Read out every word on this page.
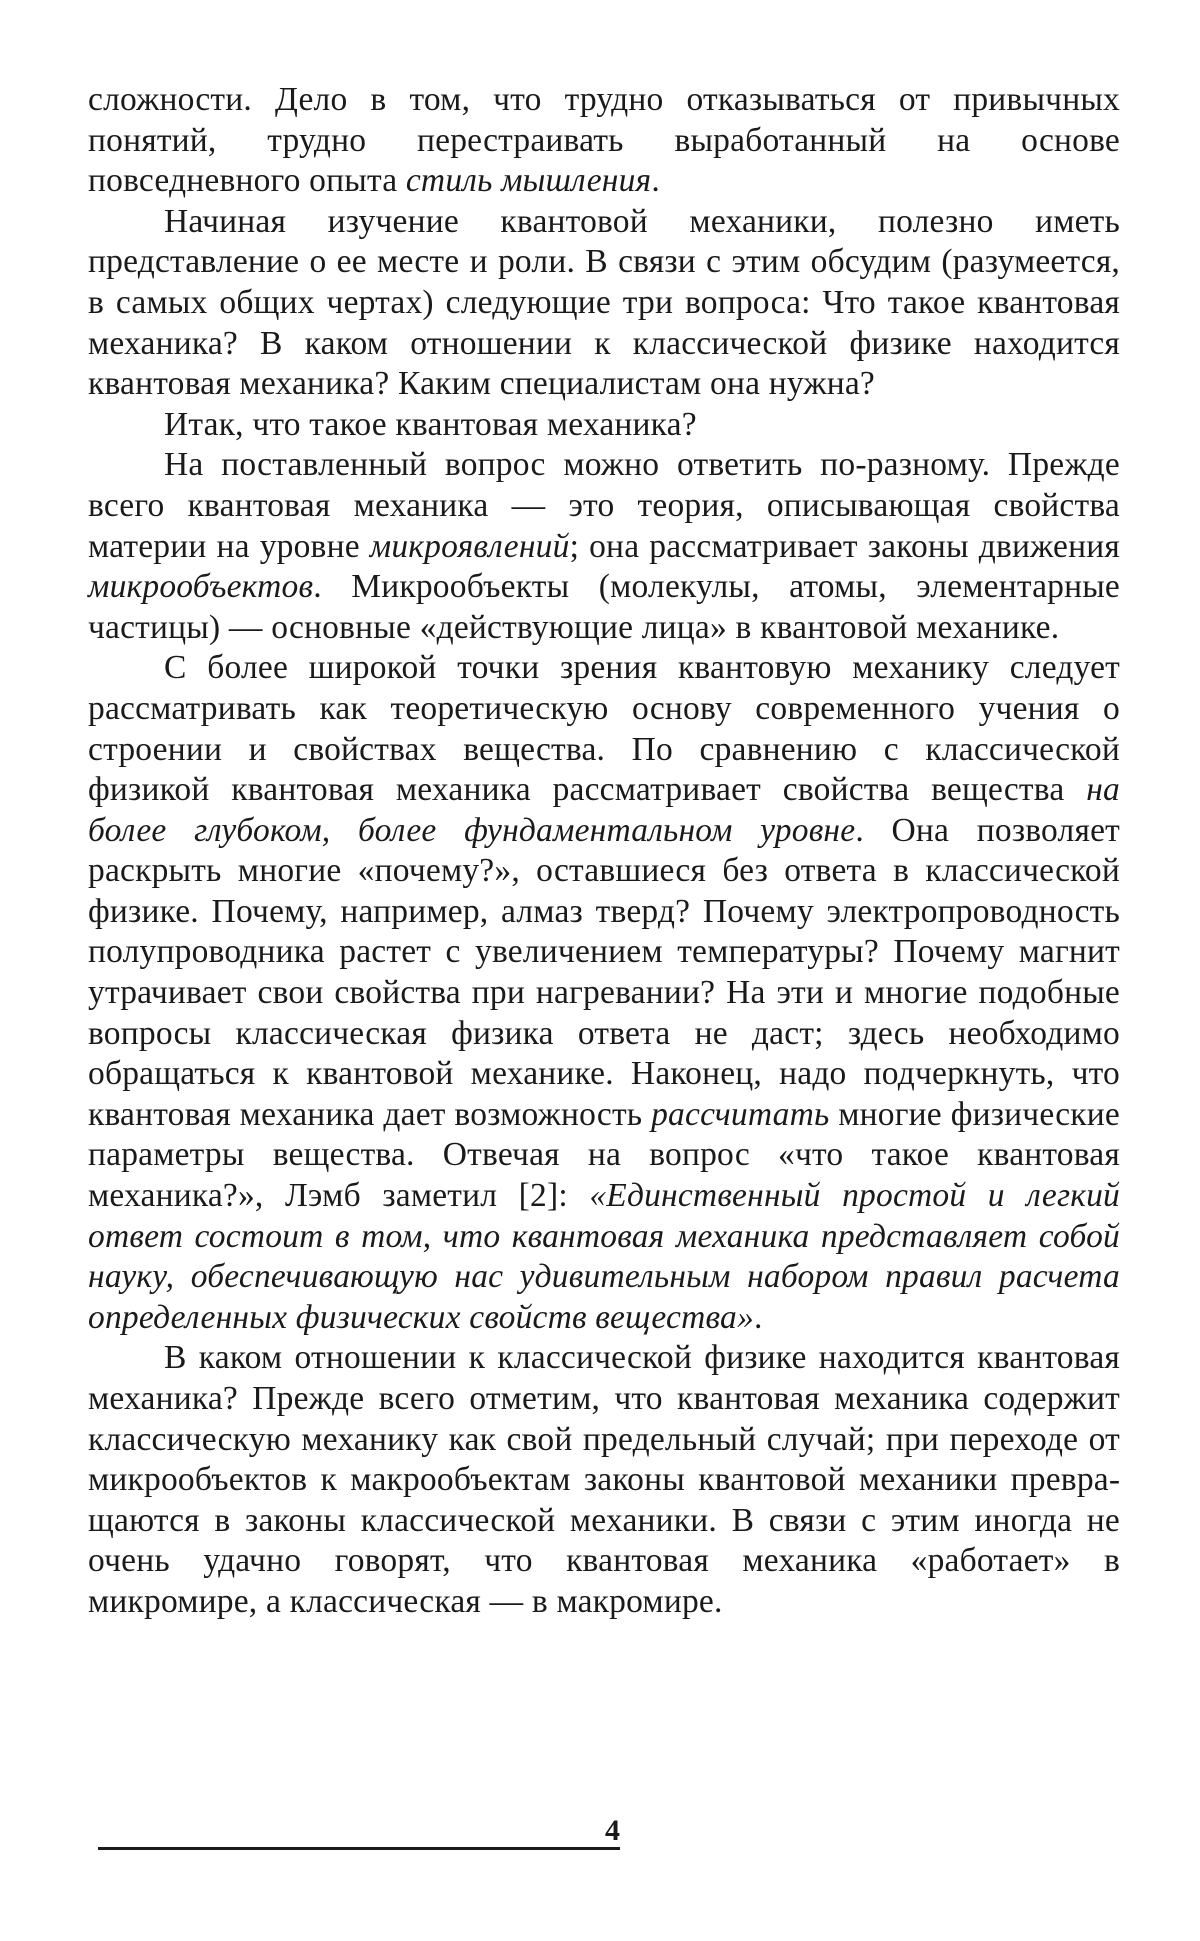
сложности. Дело в том, что трудно отказываться от привычных понятий, трудно перестраивать выработанный на основе повседневного опыта стиль мышления.

Начиная изучение квантовой механики, полезно иметь представление о ее месте и роли. В связи с этим обсудим (разумеется, в самых общих чертах) следующие три вопроса: Что такое квантовая механика? В каком отношении к классической физике находится квантовая механика? Каким специалистам она нужна?

Итак, что такое квантовая механика?

На поставленный вопрос можно ответить по-разному. Прежде всего квантовая механика — это теория, описывающая свойства материи на уровне микроявлений; она рассматривает законы движения микрообъектов. Микрообъекты (молекулы, атомы, элементарные частицы) — основные «действующие лица» в квантовой механике.

С более широкой точки зрения квантовую механику следует рассматривать как теоретическую основу современного учения о строении и свойствах вещества. По сравнению с классической физикой квантовая механика рассматривает свойства вещества на более глубоком, более фундаментальном уровне. Она позволяет раскрыть многие «почему?», оставшиеся без ответа в классической физике. Почему, например, алмаз тверд? Почему электропроводность полупроводника растет с увеличением температуры? Почему магнит утрачивает свои свойства при нагревании? На эти и многие подобные вопросы классическая физика ответа не даст; здесь необходимо обращаться к квантовой механике. Наконец, надо подчеркнуть, что квантовая механика дает возможность рассчитать многие физические параметры вещества. Отвечая на вопрос «что такое квантовая механика?», Лэмб заметил [2]: «Единственный простой и легкий ответ состоит в том, что квантовая механика представляет собой науку, обеспечивающую нас удивительным набором правил расчета определенных физических свойств вещества».

В каком отношении к классической физике находится квантовая механика? Прежде всего отметим, что квантовая механика содержит классическую механику как свой предельный случай; при переходе от микрообъектов к макрообъектам законы квантовой механики превращаются в законы классической механики. В связи с этим иногда не очень удачно говорят, что квантовая механика «работает» в микромире, а классическая — в макромире.

4
